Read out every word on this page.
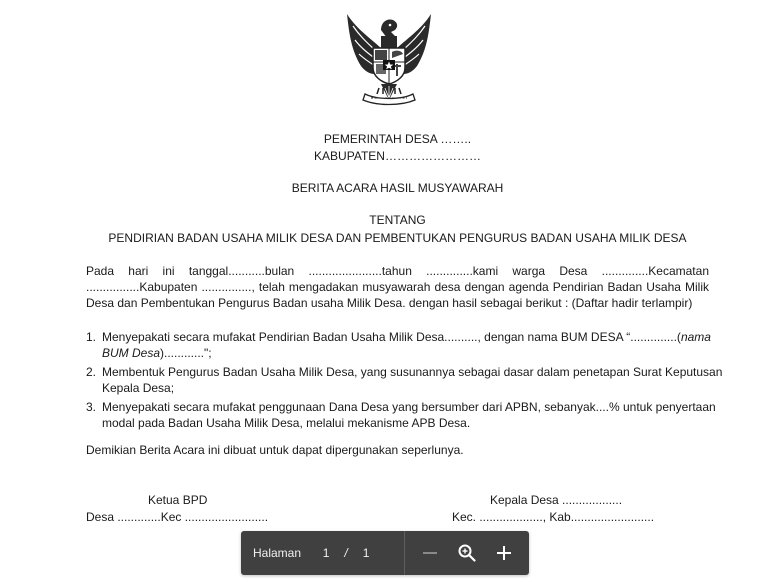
PEMERINTAH DESA ……..
KABUPATEN……………………
BERITA ACARA HASIL MUSYAWARAH
TENTANG
PENDIRIAN BADAN USAHA MILIK DESA DAN PEMBENTUKAN PENGURUS BADAN USAHA MILIK DESA
Pada hari ini tanggal...........bulan ......................tahun ..............kami warga Desa ..............Kecamatan
................Kabupaten ..............., telah mengadakan musyawarah desa dengan agenda Pendirian Badan Usaha Milik
Desa dan Pembentukan Pengurus Badan usaha Milik Desa. dengan hasil sebagai berikut : (Daftar hadir terlampir)
1. Menyepakati secara mufakat Pendirian Badan Usaha Milik Desa.........., dengan nama BUM DESA “..............(nama
BUM Desa)............";
2. Membentuk Pengurus Badan Usaha Milik Desa, yang susunannya sebagai dasar dalam penetapan Surat Keputusan
Kepala Desa;
3. Menyepakati secara mufakat penggunaan Dana Desa yang bersumber dari APBN, sebanyak....% untuk penyertaan
modal pada Badan Usaha Milik Desa, melalui mekanisme APB Desa.
Demikian Berita Acara ini dibuat untuk dapat dipergunakan seperlunya.
Ketua BPD
Desa .............Kec .........................
Kepala Desa ..................
Kec. ..................., Kab.........................
Halaman	1	/	1
